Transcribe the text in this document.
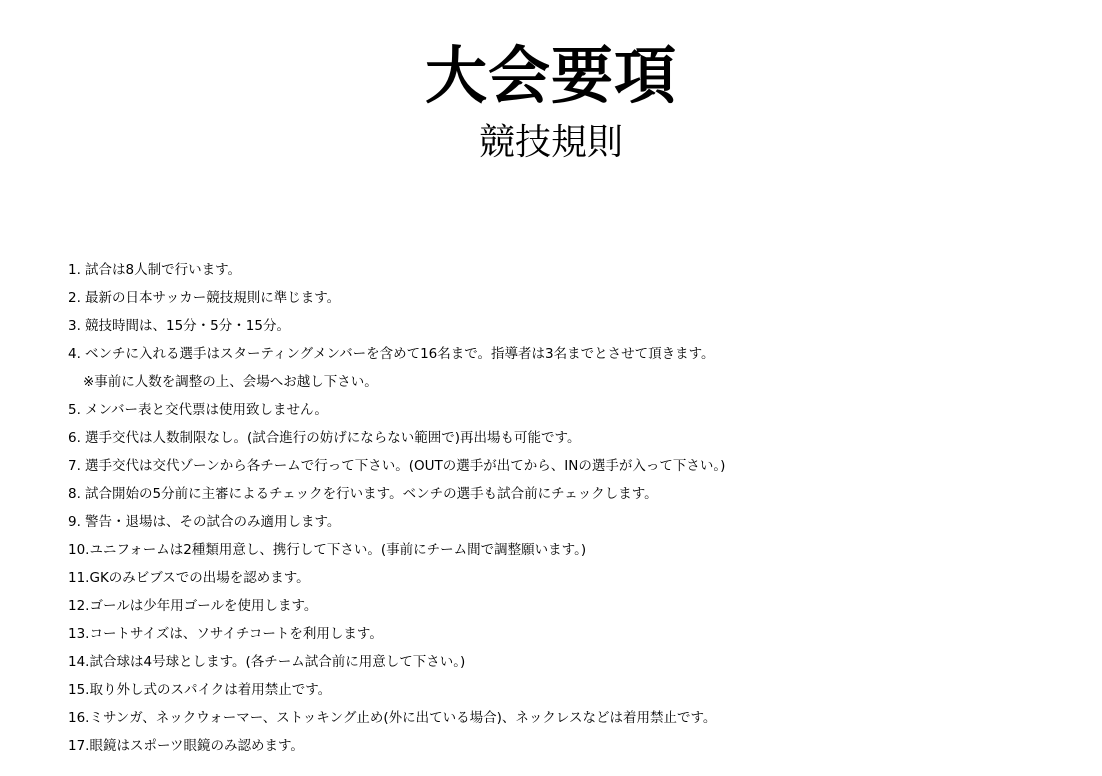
大会要項
競技規則
1. 試合は8人制で行います。
2. 最新の日本サッカー競技規則に準じます。
3. 競技時間は、15分・5分・15分。
4. ベンチに入れる選手はスターティングメンバーを含めて16名まで。指導者は3名までとさせて頂きます。
※事前に人数を調整の上、会場へお越し下さい。
5. メンバー表と交代票は使用致しません。
6. 選手交代は人数制限なし。(試合進行の妨げにならない範囲で)再出場も可能です。
7. 選手交代は交代ゾーンから各チームで行って下さい。(OUTの選手が出てから、INの選手が入って下さい。)
8. 試合開始の5分前に主審によるチェックを行います。ベンチの選手も試合前にチェックします。
9. 警告・退場は、その試合のみ適用します。
10.ユニフォームは2種類用意し、携行して下さい。(事前にチーム間で調整願います。)
11.GKのみビブスでの出場を認めます。
12.ゴールは少年用ゴールを使用します。
13.コートサイズは、ソサイチコートを利用します。
14.試合球は4号球とします。(各チーム試合前に用意して下さい。)
15.取り外し式のスパイクは着用禁止です。
16.ミサンガ、ネックウォーマー、ストッキング止め(外に出ている場合)、ネックレスなどは着用禁止です。
17.眼鏡はスポーツ眼鏡のみ認めます。
